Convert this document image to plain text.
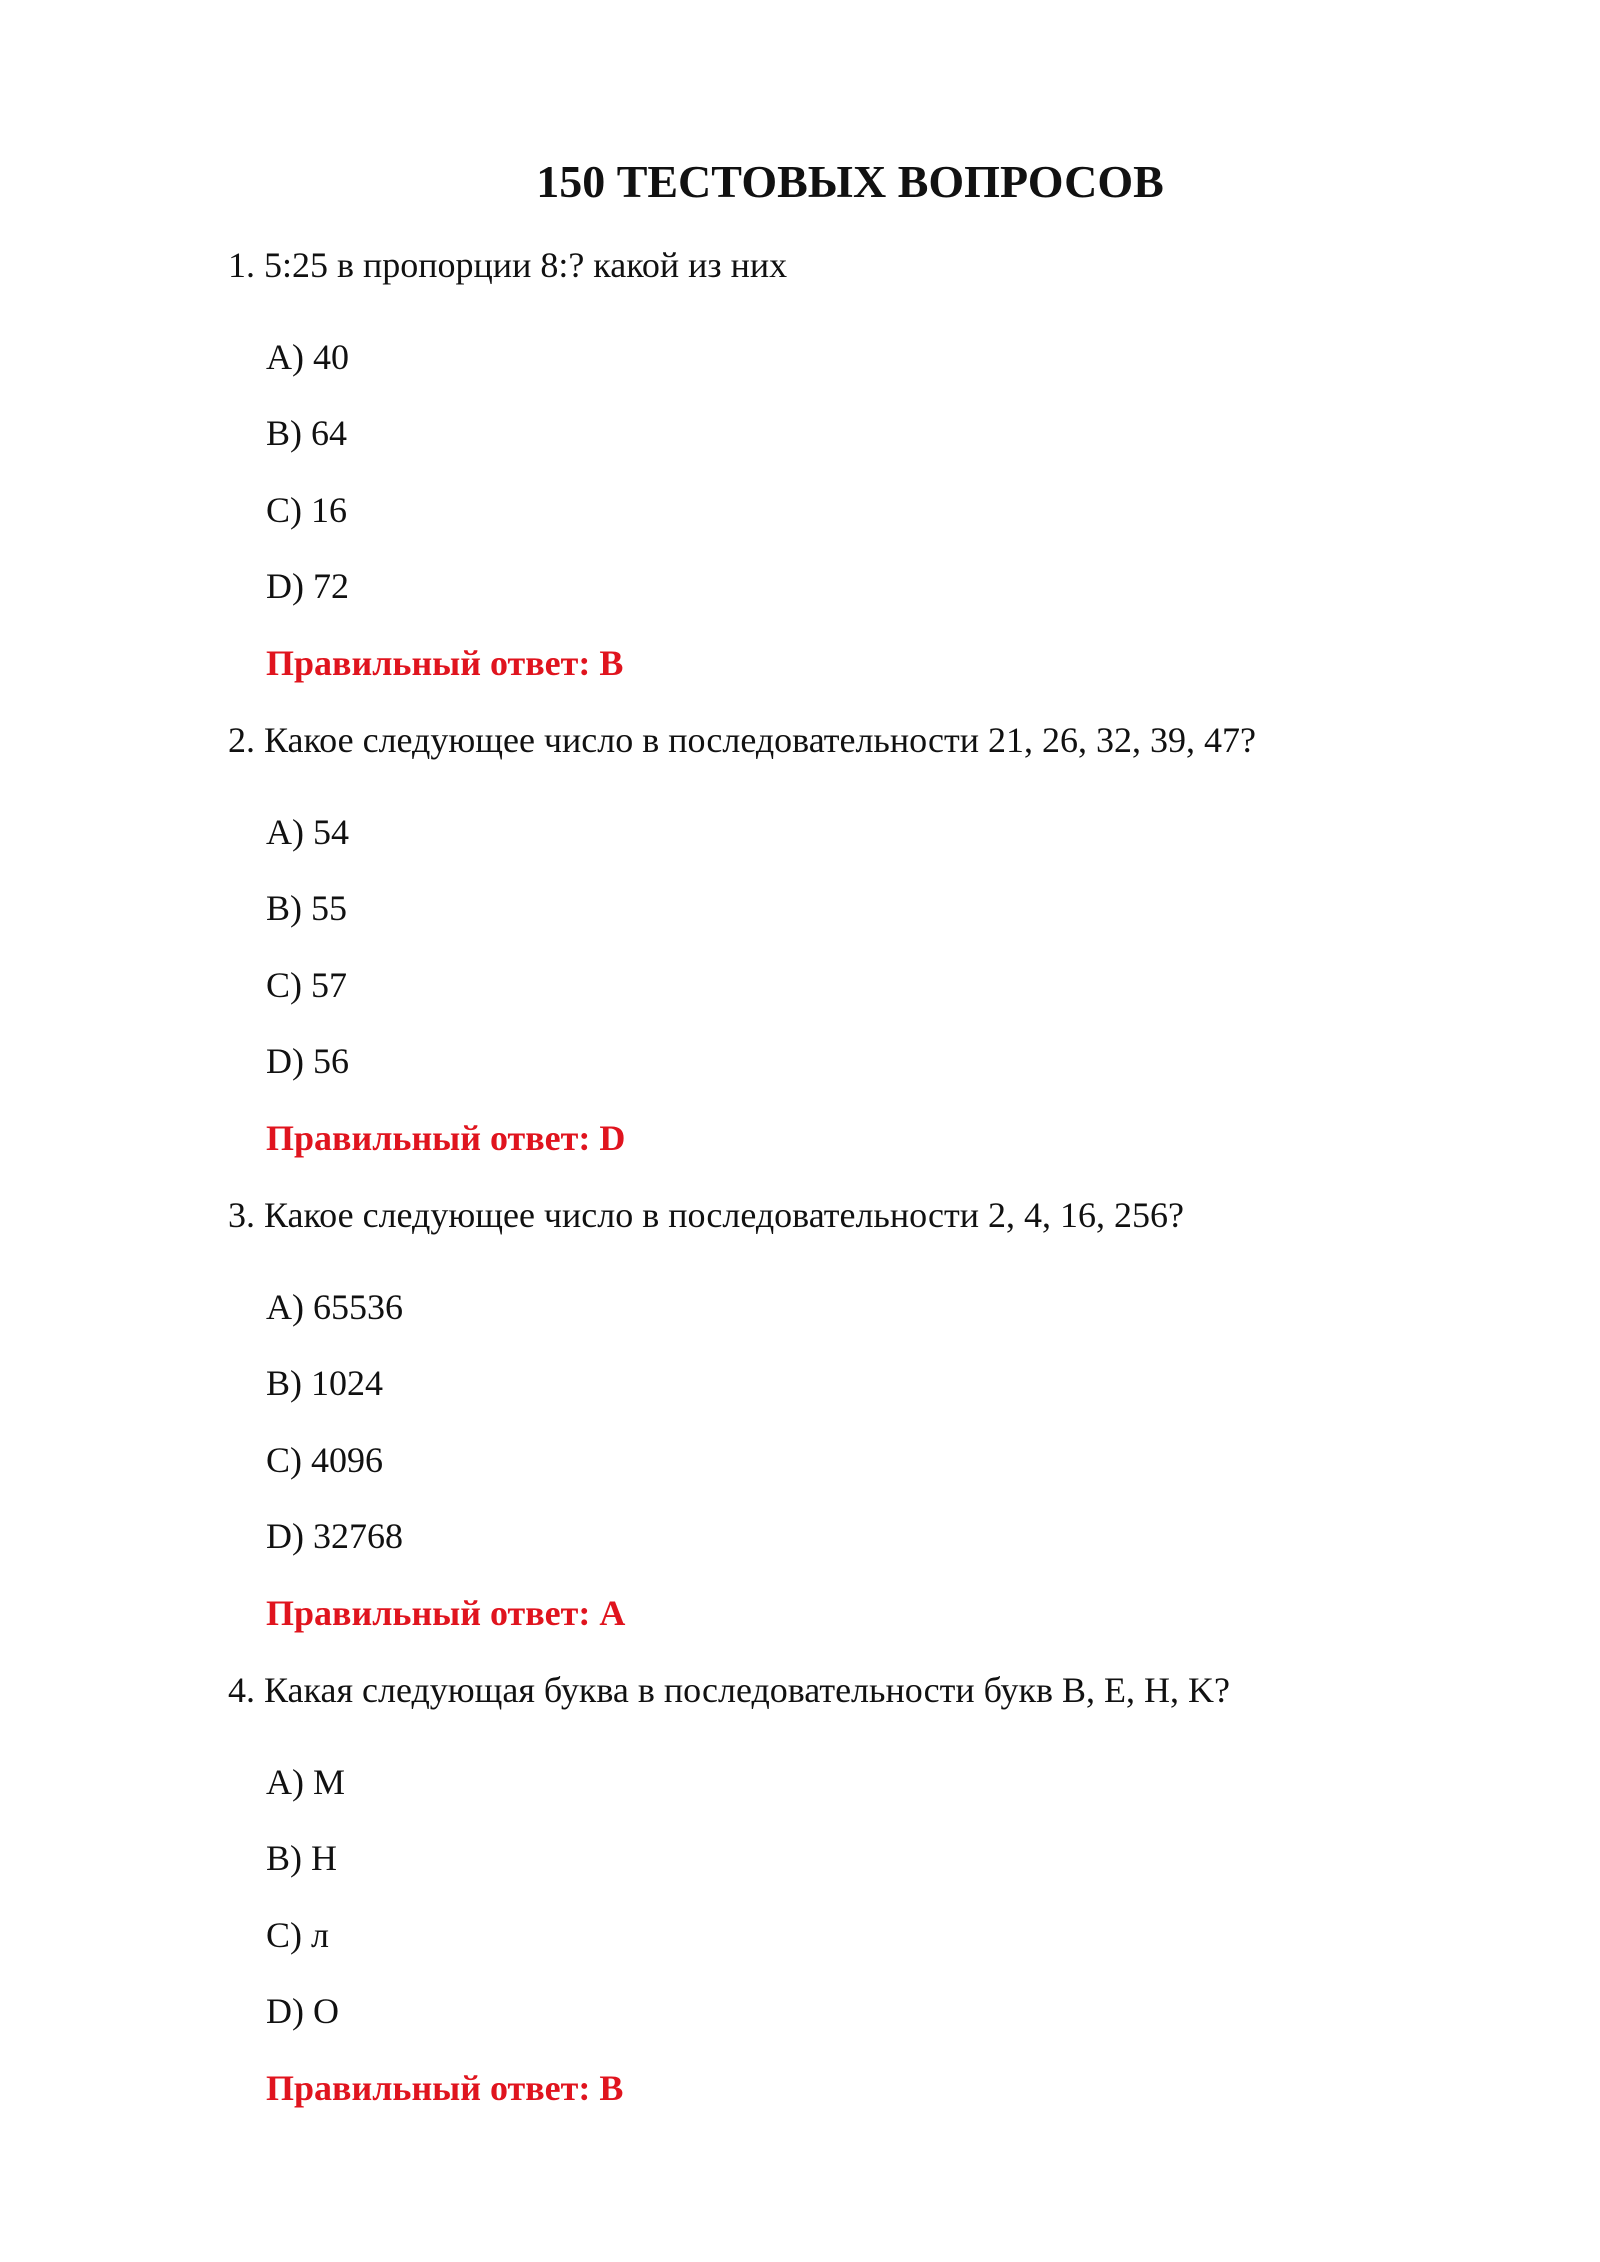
150 ТЕСТОВЫХ ВОПРОСОВ
1. 5:25 в пропорции 8:? какой из них
A) 40
B) 64
C) 16
D) 72
Правильный ответ: B
2. Какое следующее число в последовательности 21, 26, 32, 39, 47?
A) 54
B) 55
C) 57
D) 56
Правильный ответ: D
3. Какое следующее число в последовательности 2, 4, 16, 256?
A) 65536
B) 1024
C) 4096
D) 32768
Правильный ответ: A
4. Какая следующая буква в последовательности букв B, E, H, K?
A) M
B) H
C) л
D) O
Правильный ответ: B
